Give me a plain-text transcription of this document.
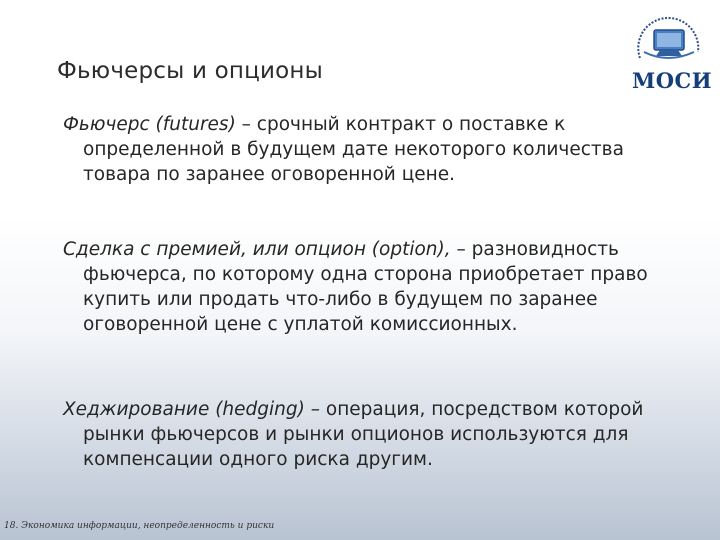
Фьючерсы и опционы	МОСИ
Фьючерс (futures) – срочный контракт о поставке к определенной в будущем дате некоторого количества товара по заранее оговоренной цене.
Сделка с премией, или опцион (option), – разновидность фьючерса, по которому одна сторона приобретает право купить или продать что-либо в будущем по заранее оговоренной цене с уплатой комиссионных.
Хеджирование (hedging) – операция, посредством которой рынки фьючерсов и рынки опционов используются для компенсации одного риска другим.
18. Экономика информации, неопределенность и риски
